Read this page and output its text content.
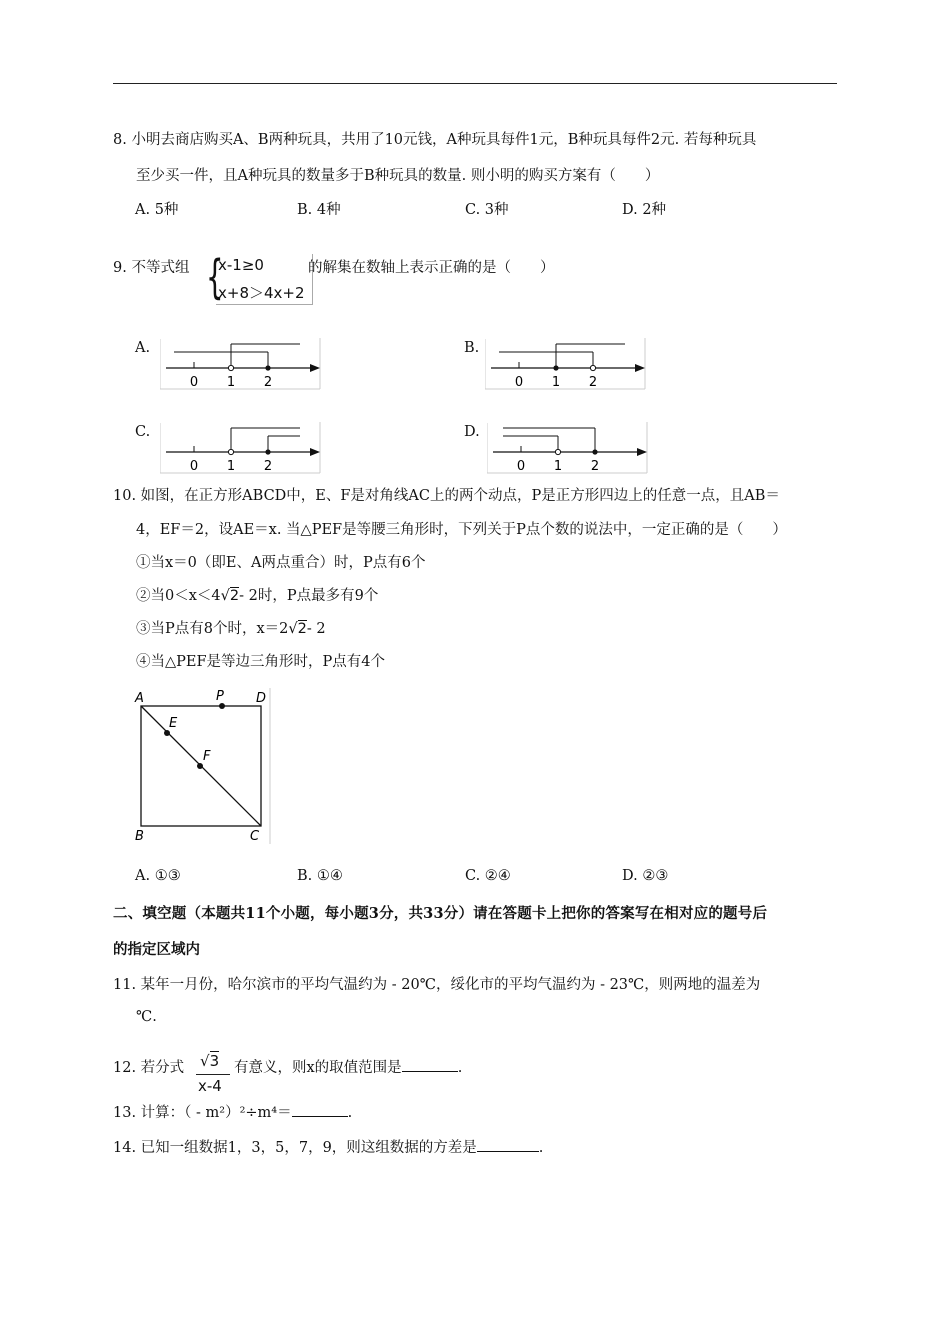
8. 小明去商店购买A、B两种玩具，共用了10元钱，A种玩具每件1元，B种玩具每件2元. 若每种玩具
至少买一件，且A种玩具的数量多于B种玩具的数量. 则小明的购买方案有（　　）
A. 5种	B. 4种	C. 3种	D. 2种
9. 不等式组 {
x-1≥0
x+8＞4x+2
的解集在数轴上表示正确的是（　　）
A.	B.
C.	D.
0 1 2	0 1 2
0 1 2	0 1 2
10. 如图，在正方形ABCD中，E、F是对角线AC上的两个动点，P是正方形四边上的任意一点，且AB＝
4，EF＝2，设AE＝x. 当△PEF是等腰三角形时，下列关于P点个数的说法中，一定正确的是（　　）
①当x＝0（即E、A两点重合）时，P点有6个
②当0＜x＜4√2- 2时，P点最多有9个
③当P点有8个时，x＝2√2- 2
④当△PEF是等边三角形时，P点有4个
A	D
B	C
P
E
F
A. ①③	B. ①④	C. ②④	D. ②③
二、填空题（本题共11个小题，每小题3分，共33分）请在答题卡上把你的答案写在相对应的题号后
的指定区域内
11. 某年一月份，哈尔滨市的平均气温约为 - 20℃，绥化市的平均气温约为 - 23℃，则两地的温差为
℃.
12. 若分式 √3
x-4
有意义，则x的取值范围是	.
13. 计算：（ - m²）²÷m⁴＝	.
14. 已知一组数据1，3，5，7，9，则这组数据的方差是	.
